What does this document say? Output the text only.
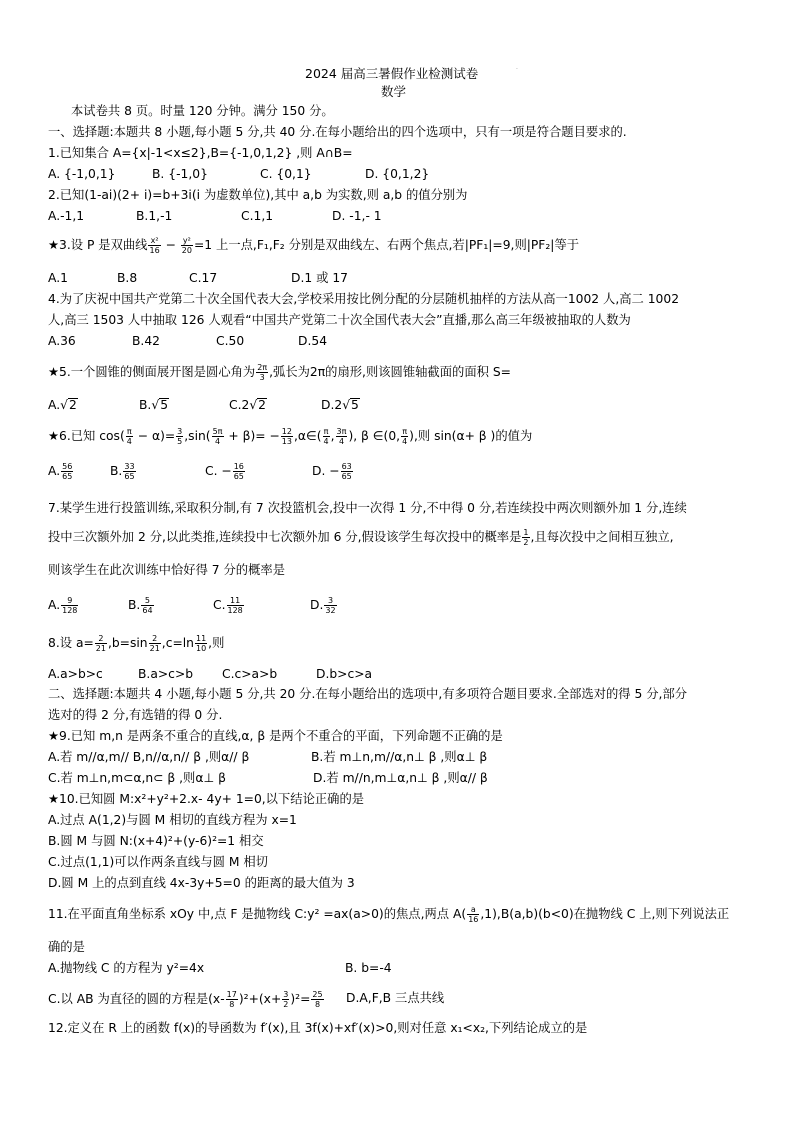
·
2024 届高三暑假作业检测试卷
数学
本试卷共 8 页。时量 120 分钟。满分 150 分。
一、选择题:本题共 8 小题,每小题 5 分,共 40 分.在每小题给出的四个选项中，只有一项是符合题目要求的.
1.已知集合 A={x|-1<x≤2},B={-1,0,1,2} ,则 A∩B=
A. {-1,0,1}	B. {-1,0}	C. {0,1}	D. {0,1,2}
2.已知(1-ai)(2+ i)=b+3i(i 为虚数单位),其中 a,b 为实数,则 a,b 的值分别为
A.-1,1	B.1,-1	C.1,1	D. -1,- 1
★3.设 P 是双曲线 $\frac{\text{x²}}{16} - \frac{\text{y²}}{20} =1$ 上一点,F₁,F₂ 分别是双曲线左、右两个焦点,若|PF₁|=9,则|PF₂|等于
A.1	B.8	C.17	D.1 或 17
4.为了庆祝中国共产党第二十次全国代表大会,学校采用按比例分配的分层随机抽样的方法从高一1002 人,高二 1002
人,高三 1503 人中抽取 126 人观看“中国共产党第二十次全国代表大会”直播,那么高三年级被抽取的人数为
A.36	B.42	C.50	D.54
★5.一个圆锥的侧面展开图是圆心角为 $\frac{2\pi}{3}$ ,弧长为2π的扇形,则该圆锥轴截面的面积 S=
A.√2	B.√5	C.2√2	D.2√5
★6.已知 $\cos( \frac{\pi}{4} - \alpha)= \frac{3}{5} ,\sin( \frac{5\pi}{4} + \beta)= - \frac{12}{13}$ ,α∈( $\frac{\pi}{4}$ , $\frac{3\pi}{4}$ ), β ∈(0, $\frac{\pi}{4}$ ),则 sin(α+ β )的值为
A. $\frac{56}{65}$	B. $\frac{33}{65}$	C. − $\frac{16}{65}$	D. − $\frac{63}{65}$
7.某学生进行投篮训练,采取积分制,有 7 次投篮机会,投中一次得 1 分,不中得 0 分,若连续投中两次则额外加 1 分,连续
投中三次额外加 2 分,以此类推,连续投中七次额外加 6 分,假设该学生每次投中的概率是 $\frac{1}{2}$ ,且每次投中之间相互独立,
则该学生在此次训练中恰好得 7 分的概率是
A. $\frac{9}{128}$	B. $\frac{5}{64}$	C. $\frac{11}{128}$	D. $\frac{3}{32}$
8.设 $a= \frac{2}{21} ,b=\sin \frac{2}{21} ,c=\ln \frac{11}{10}$ ,则
A.a>b>c	B.a>c>b C.c>a>b	D.b>c>a
二、选择题:本题共 4 小题,每小题 5 分,共 20 分.在每小题给出的选项中,有多项符合题目要求.全部选对的得 5 分,部分
选对的得 2 分,有选错的得 0 分.
★9.已知 m,n 是两条不重合的直线,α, β 是两个不重合的平面，下列命题不正确的是
A.若 m//α,m// B,n//α,n// β ,则α// β	B.若 m⊥n,m//α,n⊥ β ,则α⊥ β
C.若 m⊥n,m⊂α,n⊂ β ,则α⊥ β	D.若 m//n,m⊥α,n⊥ β ,则α// β
★10.已知圆 M:x²+y²+2.x- 4y+ 1=0,以下结论正确的是
A.过点 A(1,2)与圆 M 相切的直线方程为 x=1
B.圆 M 与圆 N:(x+4)²+(y-6)²=1 相交
C.过点(1,1)可以作两条直线与圆 M 相切
D.圆 M 上的点到直线 4x-3y+5=0 的距离的最大值为 3
11.在平面直角坐标系 xOy 中,点 F 是抛物线 C:y² =ax(a>0)的焦点,两点 $A( \frac{a}{16} ,1),B(a,b)(b<0)$在抛物线 C 上,则下列说法正
确的是
A.抛物线 C 的方程为 y²=4x	B. b=-4
C.以 AB 为直径的圆的方程是$(x- \frac{17}{8} )^2+(x+ \frac{3}{2} )^2= \frac{25}{8} D.A,F,B$ 三点共线
12.定义在 R 上的函数 f(x)的导函数为 f′(x),且 3f(x)+xf′(x)>0,则对任意 x₁<x₂,下列结论成立的是
